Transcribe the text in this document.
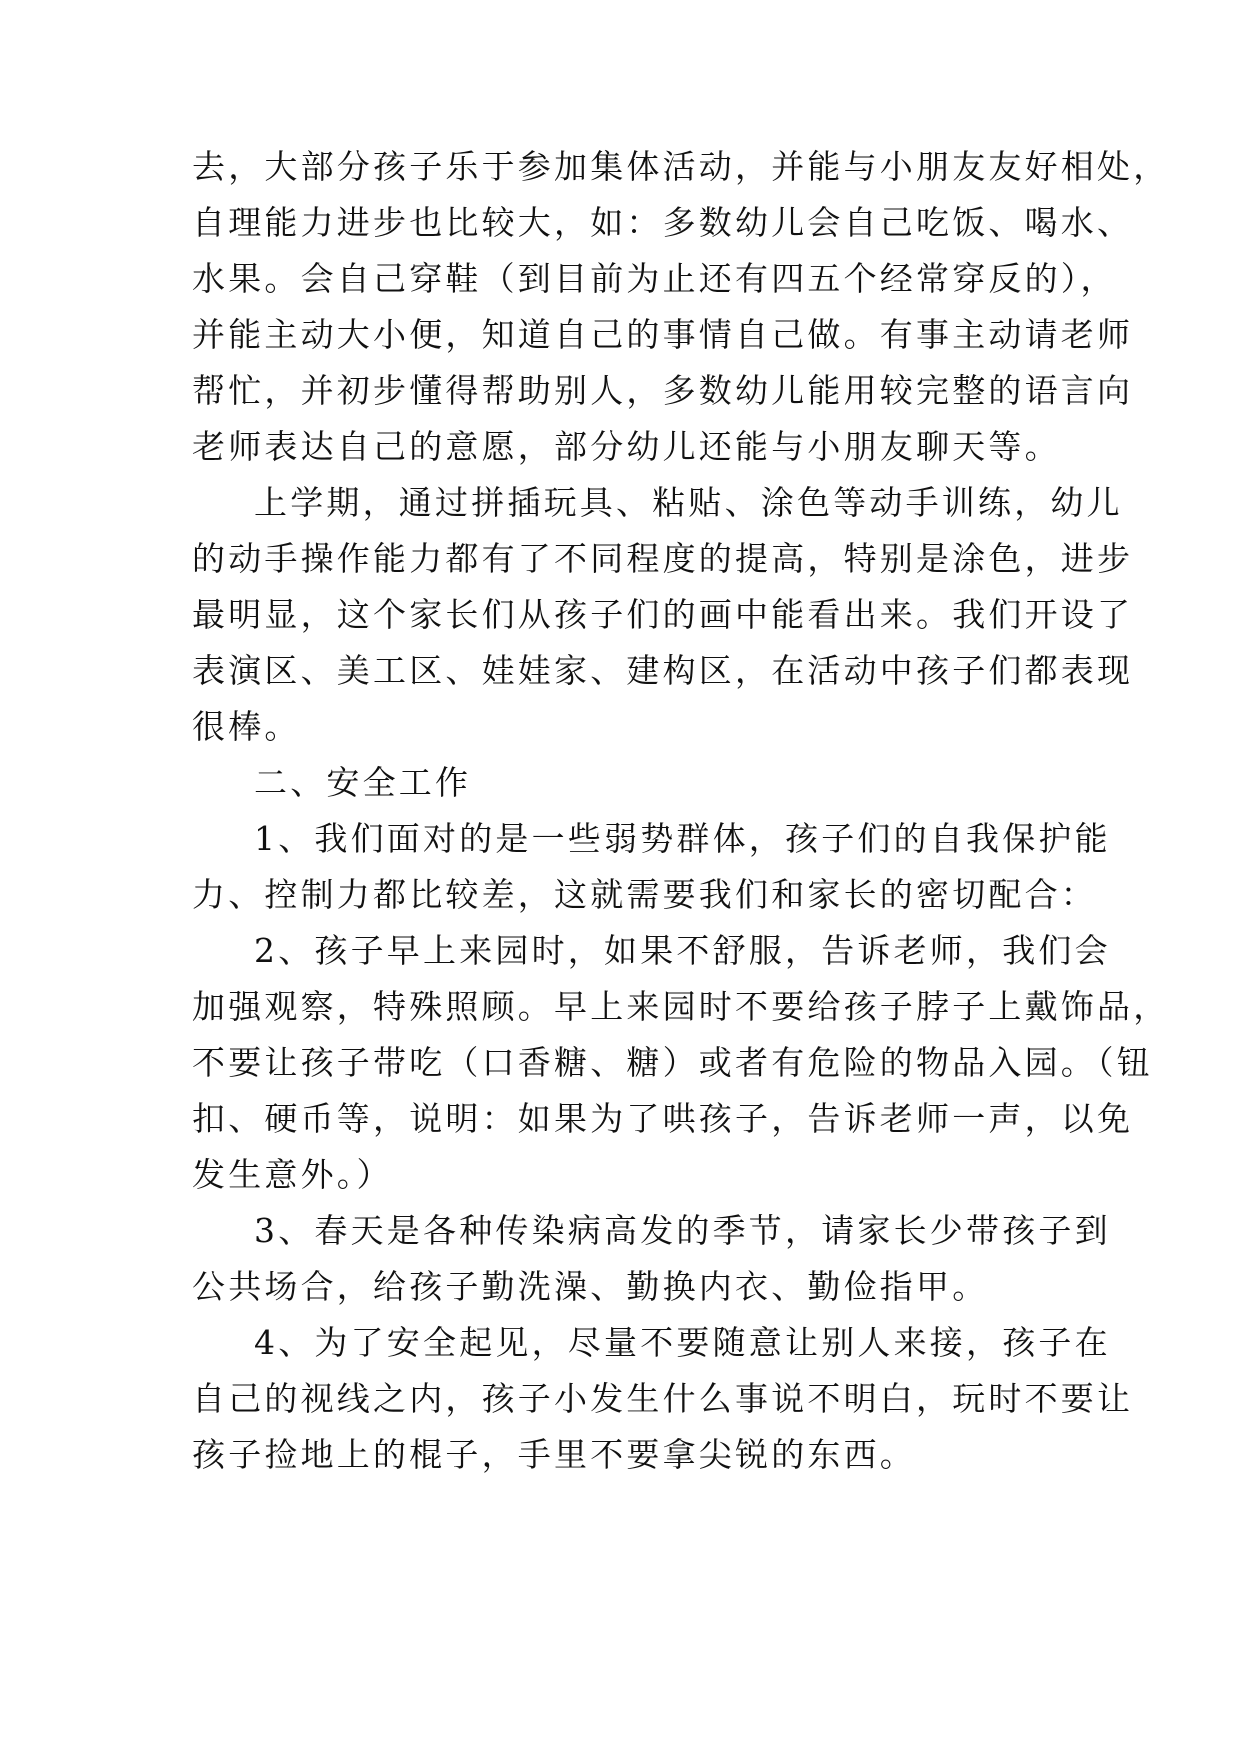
去，大部分孩子乐于参加集体活动，并能与小朋友友好相处，
自理能力进步也比较大，如：多数幼儿会自己吃饭、喝水、
水果。会自己穿鞋（到目前为止还有四五个经常穿反的），
并能主动大小便，知道自己的事情自己做。有事主动请老师
帮忙，并初步懂得帮助别人，多数幼儿能用较完整的语言向
老师表达自己的意愿，部分幼儿还能与小朋友聊天等。
上学期，通过拼插玩具、粘贴、涂色等动手训练，幼儿
的动手操作能力都有了不同程度的提高，特别是涂色，进步
最明显，这个家长们从孩子们的画中能看出来。我们开设了
表演区、美工区、娃娃家、建构区，在活动中孩子们都表现
很棒。
二、安全工作
1、我们面对的是一些弱势群体，孩子们的自我保护能
力、控制力都比较差，这就需要我们和家长的密切配合：
2、孩子早上来园时，如果不舒服，告诉老师，我们会
加强观察，特殊照顾。早上来园时不要给孩子脖子上戴饰品，
不要让孩子带吃（口香糖、糖）或者有危险的物品入园。（钮
扣、硬币等，说明：如果为了哄孩子，告诉老师一声，以免
发生意外。）
3、春天是各种传染病高发的季节，请家长少带孩子到
公共场合，给孩子勤洗澡、勤换内衣、勤俭指甲。
4、为了安全起见，尽量不要随意让别人来接，孩子在
自己的视线之内，孩子小发生什么事说不明白，玩时不要让
孩子捡地上的棍子，手里不要拿尖锐的东西。
